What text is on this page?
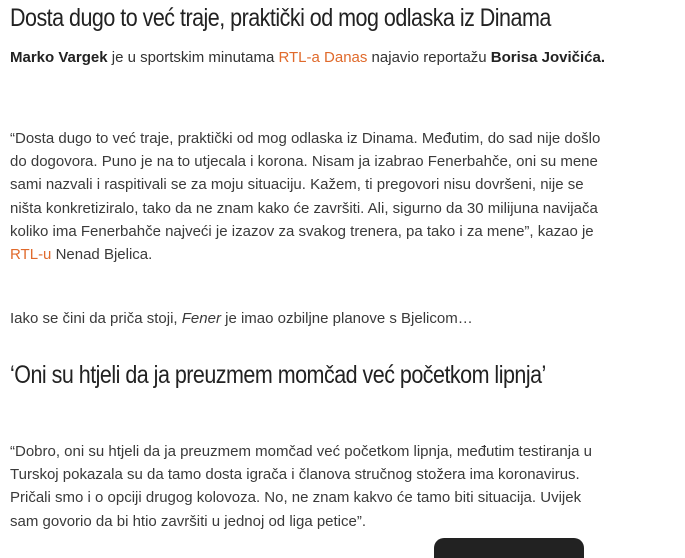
Dosta dugo to već traje, praktički od mog odlaska iz Dinama

Marko Vargek je u sportskim minutama RTL-a Danas najavio reportažu Borisa Jovičića.

“Dosta dugo to već traje, praktički od mog odlaska iz Dinama. Međutim, do sad nije došlo
do dogovora. Puno je na to utjecala i korona. Nisam ja izabrao Fenerbahče, oni su mene
sami nazvali i raspitivali se za moju situaciju. Kažem, ti pregovori nisu dovršeni, nije se
ništa konkretiziralo, tako da ne znam kako će završiti. Ali, sigurno da 30 milijuna navijača
koliko ima Fenerbahče najveći je izazov za svakog trenera, pa tako i za mene”, kazao je
RTL-u Nenad Bjelica.

Iako se čini da priča stoji, Fener je imao ozbiljne planove s Bjelicom…

‘Oni su htjeli da ja preuzmem momčad već početkom lipnja’

“Dobro, oni su htjeli da ja preuzmem momčad već početkom lipnja, međutim testiranja u
Turskoj pokazala su da tamo dosta igrača i članova stručnog stožera ima koronavirus.
Pričali smo i o opciji drugog kolovoza. No, ne znam kakvo će tamo biti situacija. Uvijek
sam govorio da bi htio završiti u jednoj od liga petice”.
